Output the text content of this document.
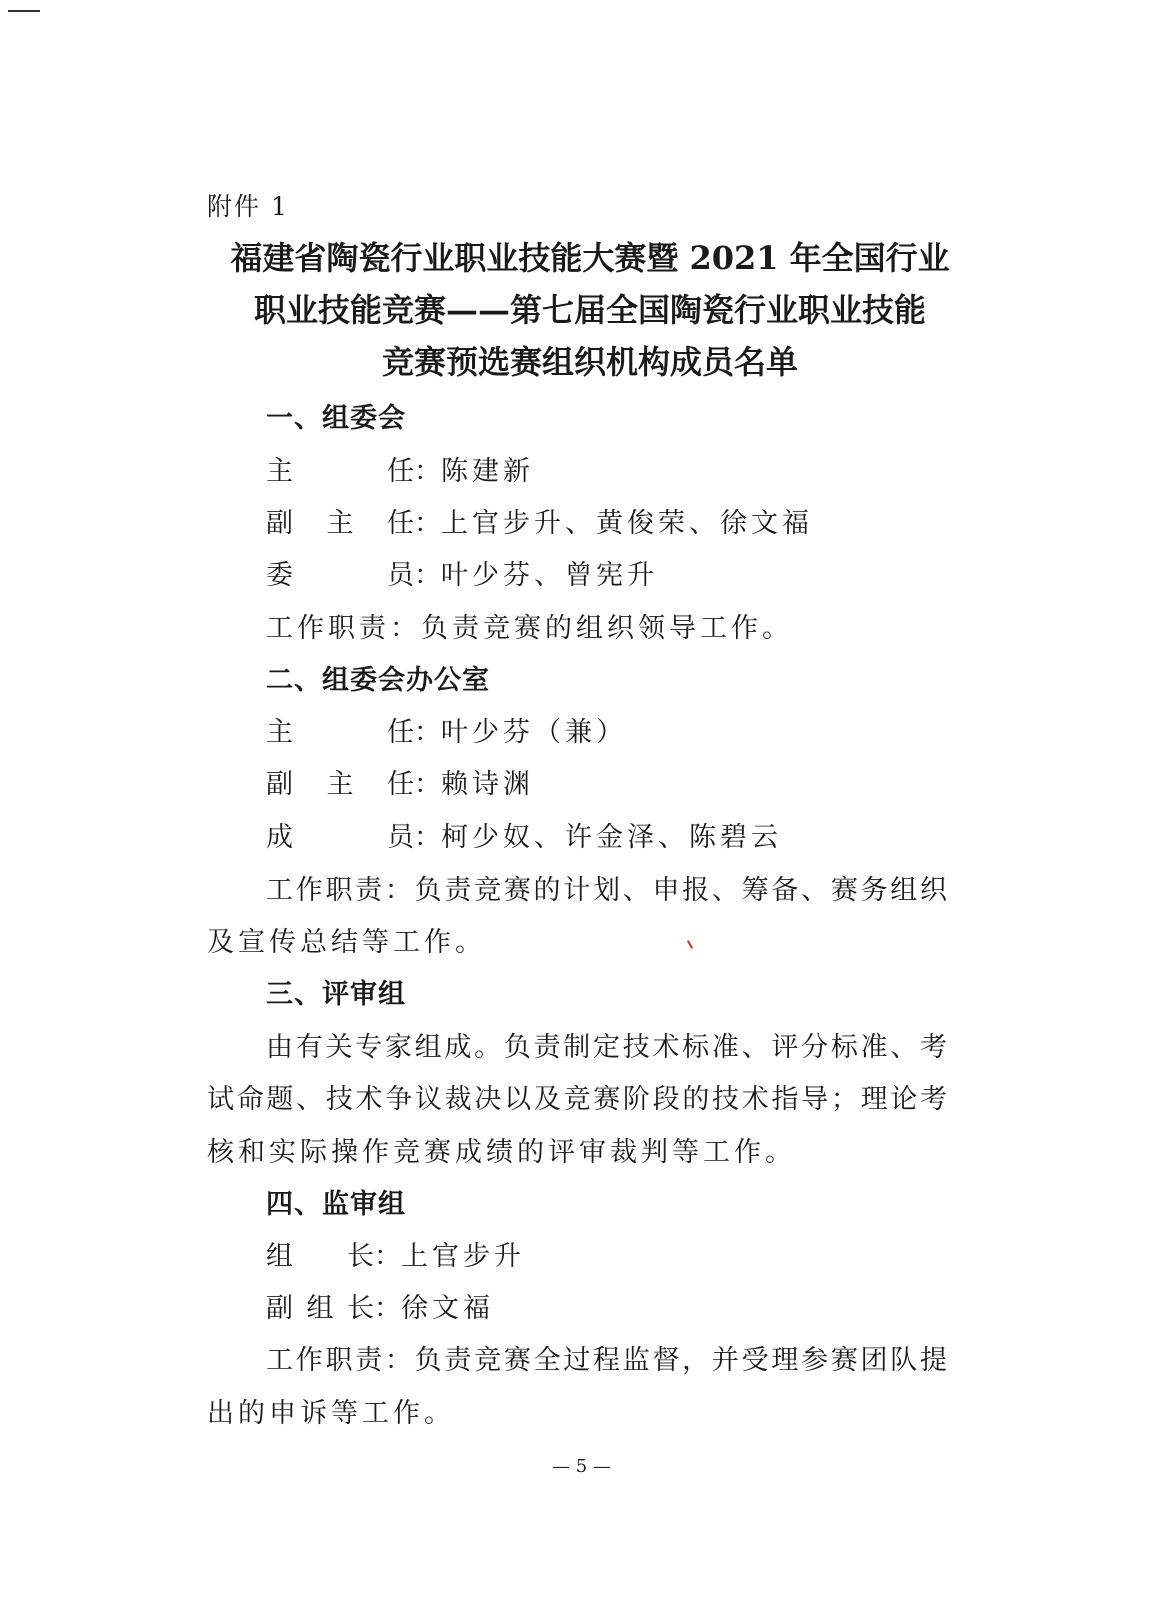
附件 1
福建省陶瓷行业职业技能大赛暨 2021 年全国行业
职业技能竞赛——第七届全国陶瓷行业职业技能
竞赛预选赛组织机构成员名单
一、组委会
主　　任：陈建新
副 主 任：上官步升、黄俊荣、徐文福
委　　员：叶少芬、曾宪升
工作职责：负责竞赛的组织领导工作。
二、组委会办公室
主　　任：叶少芬（兼）
副 主 任：赖诗渊
成　　员：柯少奴、许金泽、陈碧云
工作职责：负责竞赛的计划、申报、筹备、赛务组织
及宣传总结等工作。
三、评审组
由有关专家组成。负责制定技术标准、评分标准、考
试命题、技术争议裁决以及竞赛阶段的技术指导；理论考
核和实际操作竞赛成绩的评审裁判等工作。
四、监审组
组　　长：上官步升
副组长：徐文福
工作职责：负责竞赛全过程监督，并受理参赛团队提
出的申诉等工作。
— 5 —
